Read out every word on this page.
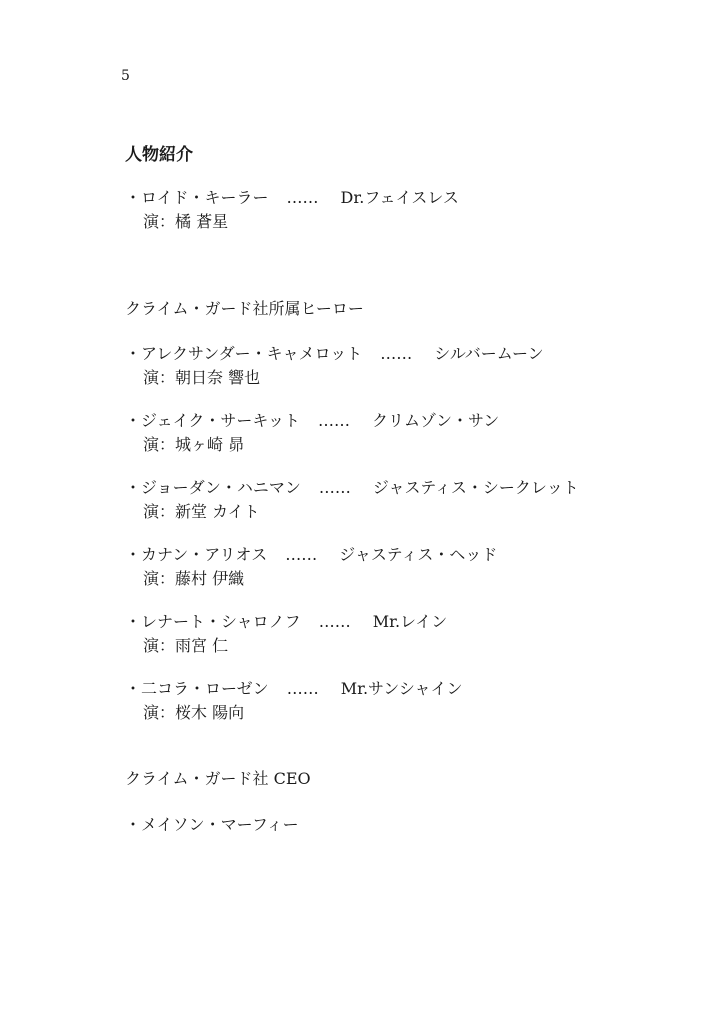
5
人物紹介
・ロイド・キーラー …… Dr.フェイスレス
演：橘 蒼星
クライム・ガード社所属ヒーロー
・アレクサンダー・キャメロット …… シルバームーン
演：朝日奈 響也
・ジェイク・サーキット …… クリムゾン・サン
演：城ヶ崎 昴
・ジョーダン・ハニマン …… ジャスティス・シークレット
演：新堂 カイト
・カナン・アリオス …… ジャスティス・ヘッド
演：藤村 伊織
・レナート・シャロノフ …… Mr.レイン
演：雨宮 仁
・二コラ・ローゼン …… Mr.サンシャイン
演：桜木 陽向
クライム・ガード社 CEO
・メイソン・マーフィー
